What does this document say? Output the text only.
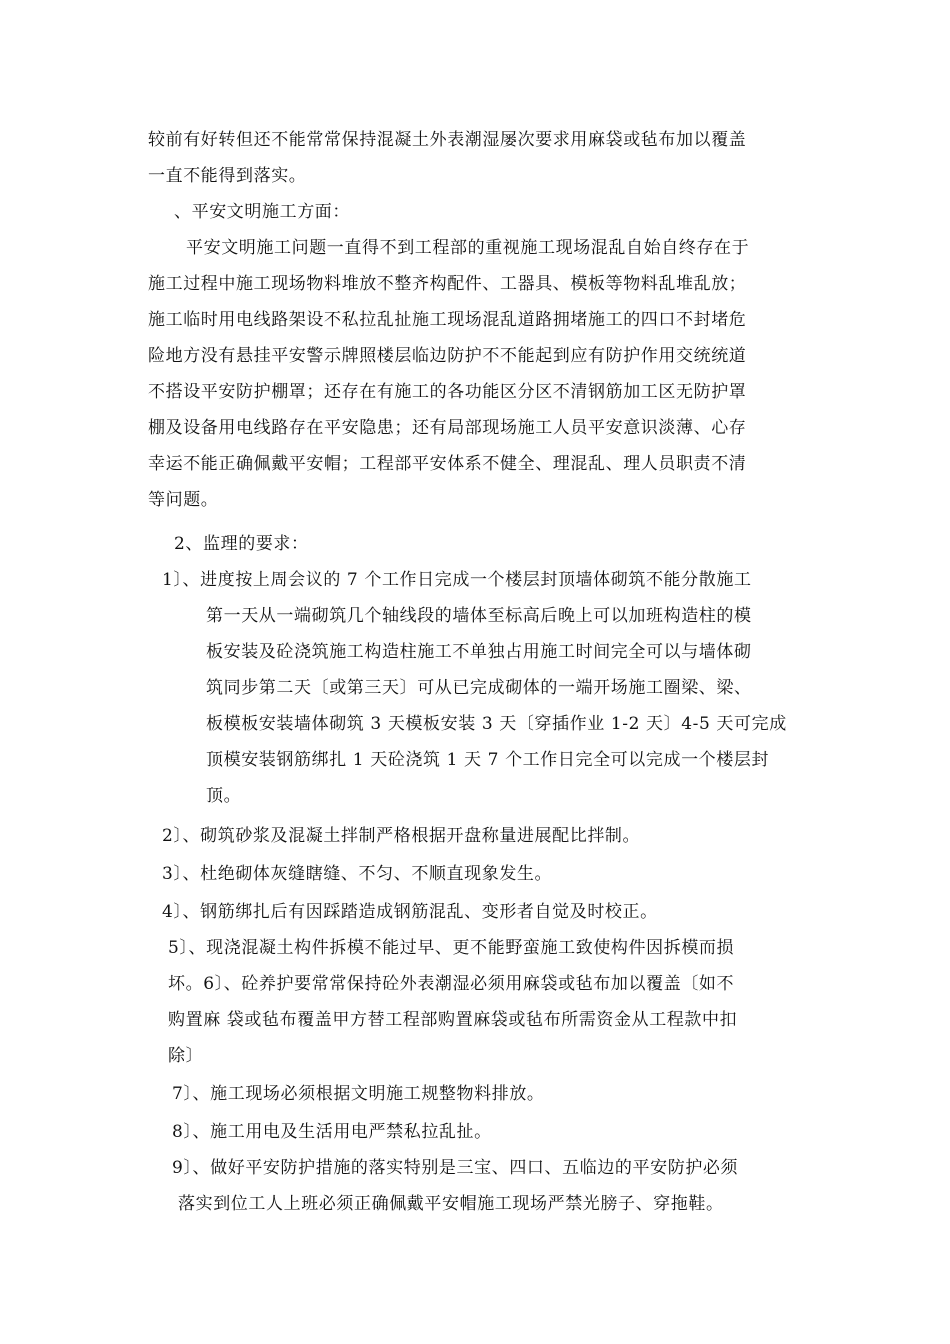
较前有好转但还不能常常保持混凝土外表潮湿屡次要求用麻袋或毡布加以覆盖
一直不能得到落实。
、平安文明施工方面：
平安文明施工问题一直得不到工程部的重视施工现场混乱自始自终存在于
施工过程中施工现场物料堆放不整齐构配件、工器具、模板等物料乱堆乱放；
施工临时用电线路架设不私拉乱扯施工现场混乱道路拥堵施工的四口不封堵危
险地方没有悬挂平安警示牌照楼层临边防护不不能起到应有防护作用交统统道
不搭设平安防护棚罩；还存在有施工的各功能区分区不清钢筋加工区无防护罩
棚及设备用电线路存在平安隐患；还有局部现场施工人员平安意识淡薄、心存
幸运不能正确佩戴平安帽；工程部平安体系不健全、理混乱、理人员职责不清
等问题。
2、监理的要求：
1〕、进度按上周会议的 7 个工作日完成一个楼层封顶墙体砌筑不能分散施工
第一天从一端砌筑几个轴线段的墙体至标高后晚上可以加班构造柱的模
板安装及砼浇筑施工构造柱施工不单独占用施工时间完全可以与墙体砌
筑同步第二天〔或第三天〕可从已完成砌体的一端开场施工圈梁、梁、
板模板安装墙体砌筑 3 天模板安装 3 天〔穿插作业 1-2 天〕4-5 天可完成
顶模安装钢筋绑扎 1 天砼浇筑 1 天 7 个工作日完全可以完成一个楼层封
顶。
2〕、砌筑砂浆及混凝土拌制严格根据开盘称量进展配比拌制。
3〕、杜绝砌体灰缝瞎缝、不匀、不顺直现象发生。
4〕、钢筋绑扎后有因踩踏造成钢筋混乱、变形者自觉及时校正。
5〕、现浇混凝土构件拆模不能过早、更不能野蛮施工致使构件因拆模而损
坏。6〕、砼养护要常常保持砼外表潮湿必须用麻袋或毡布加以覆盖〔如不
购置麻 袋或毡布覆盖甲方替工程部购置麻袋或毡布所需资金从工程款中扣
除〕
7〕、施工现场必须根据文明施工规整物料排放。
8〕、施工用电及生活用电严禁私拉乱扯。
9〕、做好平安防护措施的落实特别是三宝、四口、五临边的平安防护必须
落实到位工人上班必须正确佩戴平安帽施工现场严禁光膀子、穿拖鞋。
